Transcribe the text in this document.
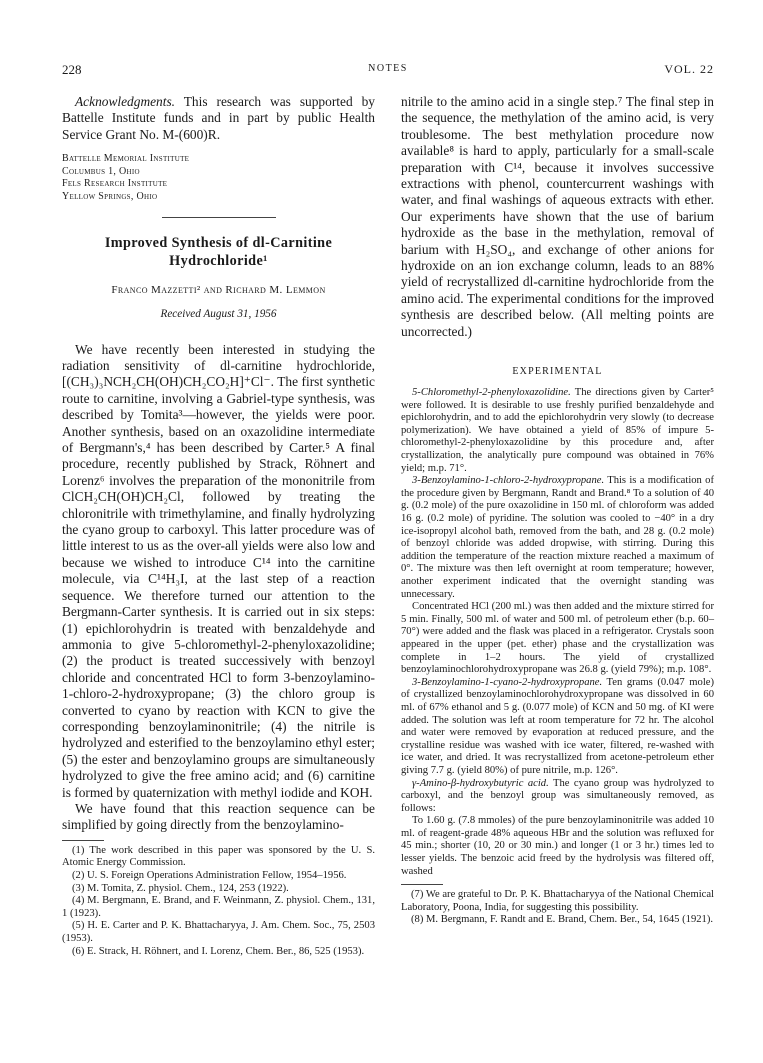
228	NOTES	VOL. 22

Acknowledgments. This research was supported by Battelle Institute funds and in part by public Health Service Grant No. M-(600)R.

Battelle Memorial Institute
Columbus 1, Ohio
Fels Research Institute
Yellow Springs, Ohio
Improved Synthesis of dl-Carnitine
Hydrochloride¹
Franco Mazzetti² and Richard M. Lemmon
Received August 31, 1956

We have recently been interested in studying the radiation sensitivity of dl-carnitine hydrochloride, [(CH₃)₃NCH₂CH(OH)CH₂CO₂H]⁺Cl⁻. The first synthetic route to carnitine, involving a Gabriel-type synthesis, was described by Tomita³—however, the yields were poor. Another synthesis, based on an oxazolidine intermediate of Bergmann's,⁴ has been described by Carter.⁵ A final procedure, recently published by Strack, Röhnert and Lorenz⁶ involves the preparation of the mononitrile from ClCH₂CH(OH)CH₂Cl, followed by treating the chloronitrile with trimethylamine, and finally hydrolyzing the cyano group to carboxyl. This latter procedure was of little interest to us as the over-all yields were also low and because we wished to introduce C¹⁴ into the carnitine molecule, via C¹⁴H₃I, at the last step of a reaction sequence. We therefore turned our attention to the Bergmann-Carter synthesis. It is carried out in six steps: (1) epichlorohydrin is treated with benzaldehyde and ammonia to give 5-chloromethyl-2-phenyloxazolidine; (2) the product is treated successively with benzoyl chloride and concentrated HCl to form 3-benzoylamino-1-chloro-2-hydroxypropane; (3) the chloro group is converted to cyano by reaction with KCN to give the corresponding benzoylaminonitrile; (4) the nitrile is hydrolyzed and esterified to the benzoylamino ethyl ester; (5) the ester and benzoylamino groups are simultaneously hydrolyzed to give the free amino acid; and (6) carnitine is formed by quaternization with methyl iodide and KOH.

We have found that this reaction sequence can be simplified by going directly from the benzoylamino-

(1) The work described in this paper was sponsored by the U. S. Atomic Energy Commission.

(2) U. S. Foreign Operations Administration Fellow, 1954–1956.

(3) M. Tomita, Z. physiol. Chem., 124, 253 (1922).

(4) M. Bergmann, E. Brand, and F. Weinmann, Z. physiol. Chem., 131, 1 (1923).

(5) H. E. Carter and P. K. Bhattacharyya, J. Am. Chem. Soc., 75, 2503 (1953).

(6) E. Strack, H. Röhnert, and I. Lorenz, Chem. Ber., 86, 525 (1953).

nitrile to the amino acid in a single step.⁷ The final step in the sequence, the methylation of the amino acid, is very troublesome. The best methylation procedure now available⁸ is hard to apply, particularly for a small-scale preparation with C¹⁴, because it involves successive extractions with phenol, countercurrent washings with water, and final washings of aqueous extracts with ether. Our experiments have shown that the use of barium hydroxide as the base in the methylation, removal of barium with H₂SO₄, and exchange of other anions for hydroxide on an ion exchange column, leads to an 88% yield of recrystallized dl-carnitine hydrochloride from the amino acid. The experimental conditions for the improved synthesis are described below. (All melting points are uncorrected.)

EXPERIMENTAL

5-Chloromethyl-2-phenyloxazolidine. The directions given by Carter⁵ were followed. It is desirable to use freshly purified benzaldehyde and epichlorohydrin, and to add the epichlorohydrin very slowly (to decrease polymerization). We have obtained a yield of 85% of impure 5-chloromethyl-2-phenyloxazolidine by this procedure and, after crystallization, the analytically pure compound was obtained in 76% yield; m.p. 71°.

3-Benzoylamino-1-chloro-2-hydroxypropane. This is a modification of the procedure given by Bergmann, Randt and Brand.⁸ To a solution of 40 g. (0.2 mole) of the pure oxazolidine in 150 ml. of chloroform was added 16 g. (0.2 mole) of pyridine. The solution was cooled to −40° in a dry ice-isopropyl alcohol bath, removed from the bath, and 28 g. (0.2 mole) of benzoyl chloride was added dropwise, with stirring. During this addition the temperature of the reaction mixture reached a maximum of 0°. The mixture was then left overnight at room temperature; however, another experiment indicated that the overnight standing was unnecessary.

Concentrated HCl (200 ml.) was then added and the mixture stirred for 5 min. Finally, 500 ml. of water and 500 ml. of petroleum ether (b.p. 60–70°) were added and the flask was placed in a refrigerator. Crystals soon appeared in the upper (pet. ether) phase and the crystallization was complete in 1–2 hours. The yield of crystallized benzoylaminochlorohydroxypropane was 26.8 g. (yield 79%); m.p. 108°.

3-Benzoylamino-1-cyano-2-hydroxypropane. Ten grams (0.047 mole) of crystallized benzoylaminochlorohydroxypropane was dissolved in 60 ml. of 67% ethanol and 5 g. (0.077 mole) of KCN and 50 mg. of KI were added. The solution was left at room temperature for 72 hr. The alcohol and water were removed by evaporation at reduced pressure, and the crystalline residue was washed with ice water, filtered, re-washed with ice water, and dried. It was recrystallized from acetone-petroleum ether giving 7.7 g. (yield 80%) of pure nitrile, m.p. 126°.

γ-Amino-β-hydroxybutyric acid. The cyano group was hydrolyzed to carboxyl, and the benzoyl group was simultaneously removed, as follows:

To 1.60 g. (7.8 mmoles) of the pure benzoylaminonitrile was added 10 ml. of reagent-grade 48% aqueous HBr and the solution was refluxed for 45 min.; shorter (10, 20 or 30 min.) and longer (1 or 3 hr.) times led to lesser yields. The benzoic acid freed by the hydrolysis was filtered off, washed

(7) We are grateful to Dr. P. K. Bhattacharyya of the National Chemical Laboratory, Poona, India, for suggesting this possibility.

(8) M. Bergmann, F. Randt and E. Brand, Chem. Ber., 54, 1645 (1921).
